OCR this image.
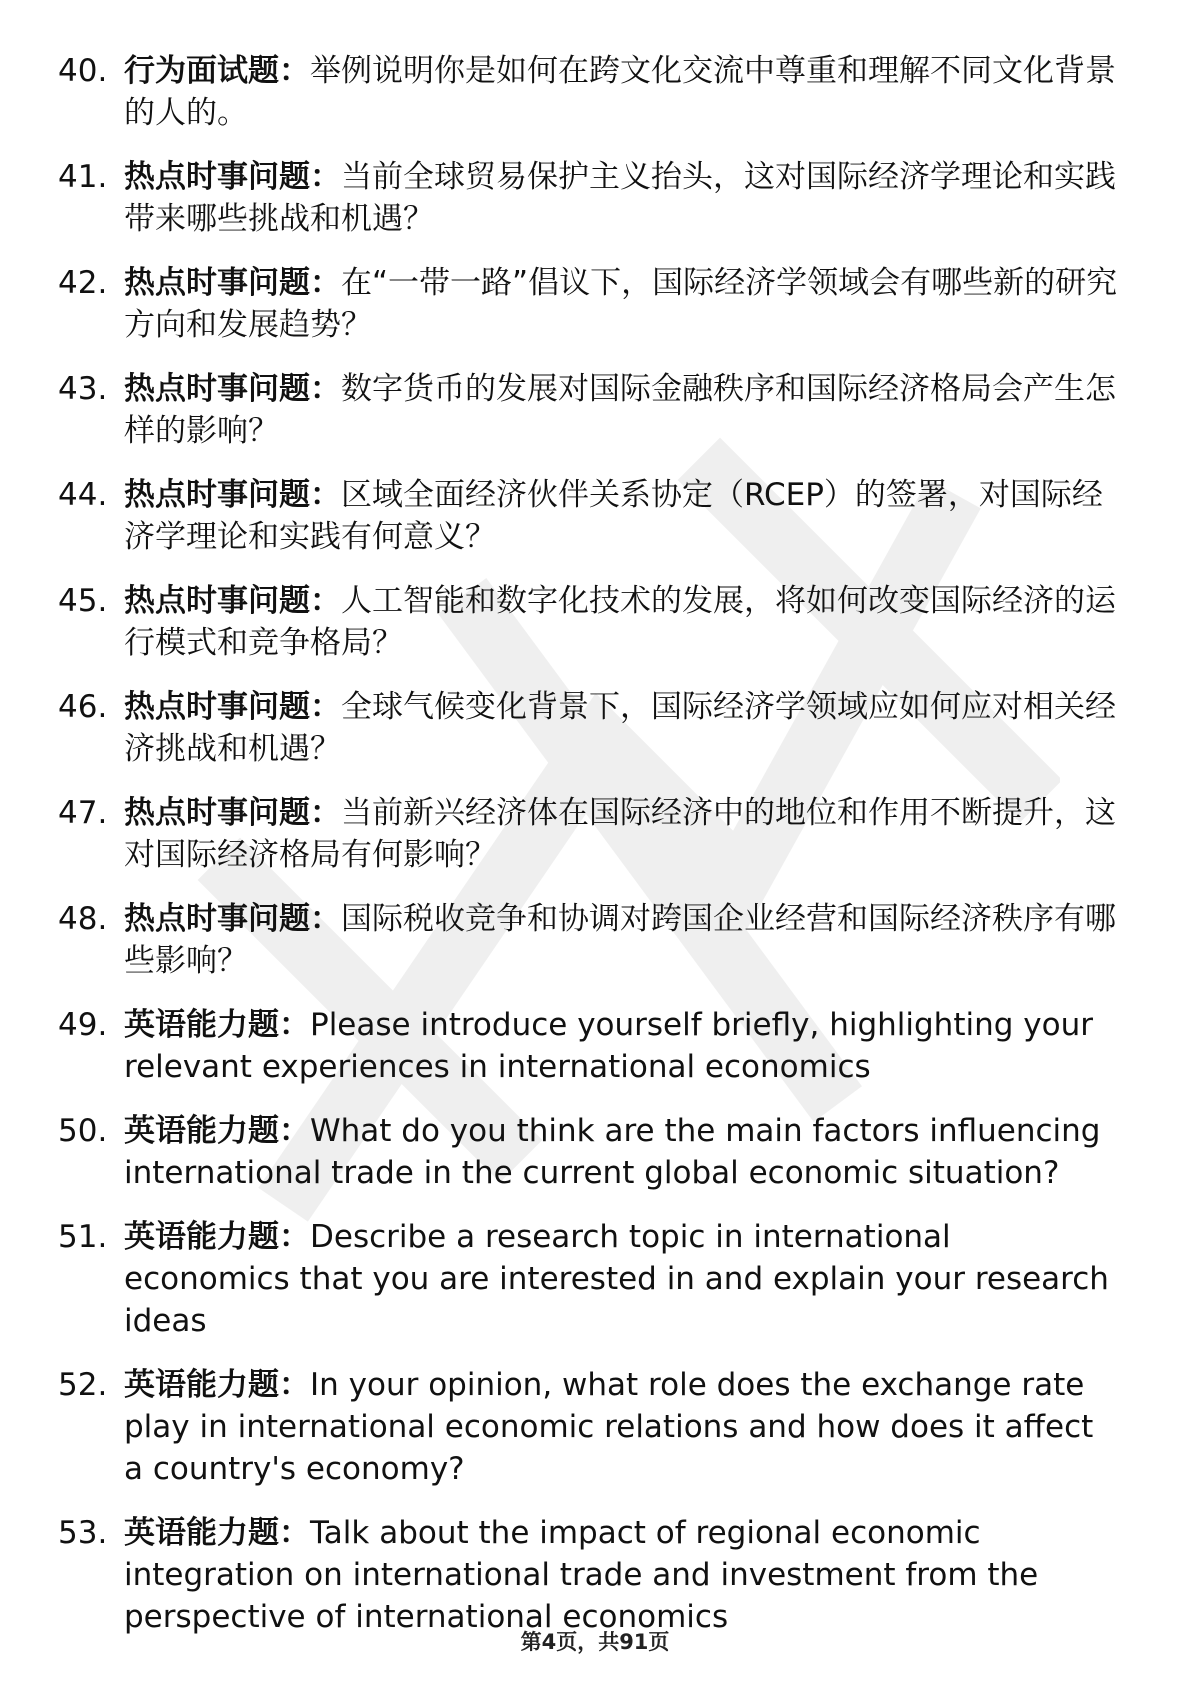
40. 行为面试题：举例说明你是如何在跨文化交流中尊重和理解不同文化背景的人的。
41. 热点时事问题：当前全球贸易保护主义抬头，这对国际经济学理论和实践带来哪些挑战和机遇？
42. 热点时事问题：在“一带一路”倡议下，国际经济学领域会有哪些新的研究方向和发展趋势？
43. 热点时事问题：数字货币的发展对国际金融秩序和国际经济格局会产生怎样的影响？
44. 热点时事问题：区域全面经济伙伴关系协定（RCEP）的签署，对国际经济学理论和实践有何意义？
45. 热点时事问题：人工智能和数字化技术的发展，将如何改变国际经济的运行模式和竞争格局？
46. 热点时事问题：全球气候变化背景下，国际经济学领域应如何应对相关经济挑战和机遇？
47. 热点时事问题：当前新兴经济体在国际经济中的地位和作用不断提升，这对国际经济格局有何影响？
48. 热点时事问题：国际税收竞争和协调对跨国企业经营和国际经济秩序有哪些影响？
49. 英语能力题：Please introduce yourself briefly, highlighting your relevant experiences in international economics
50. 英语能力题：What do you think are the main factors influencing international trade in the current global economic situation?
51. 英语能力题：Describe a research topic in international economics that you are interested in and explain your research ideas
52. 英语能力题：In your opinion, what role does the exchange rate play in international economic relations and how does it affect a country's economy?
53. 英语能力题：Talk about the impact of regional economic integration on international trade and investment from the perspective of international economics
第4页，共91页
